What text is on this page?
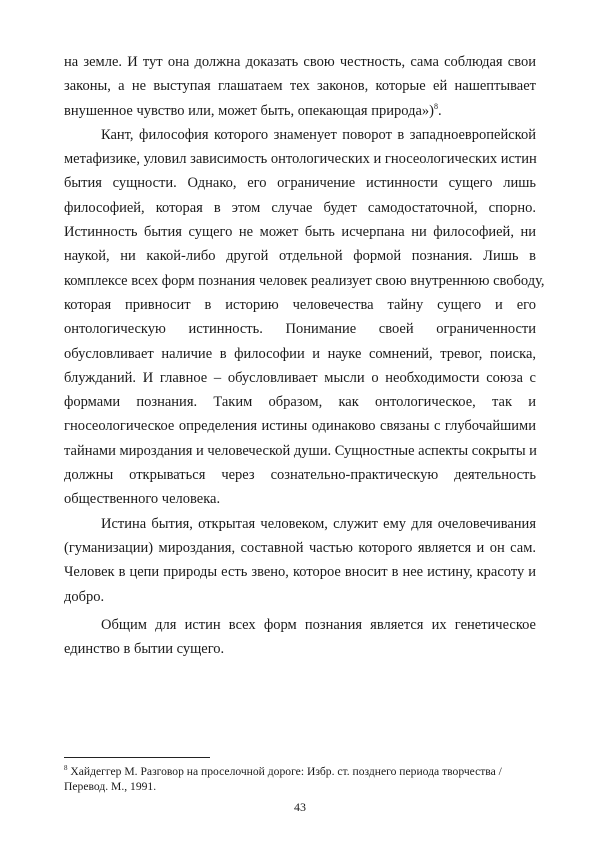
на земле. И тут она должна доказать свою честность, сама соблюдая свои
законы, а не выступая глашатаем тех законов, которые ей нашептывает
внушенное чувство или, может быть, опекающая природа»)$^8$.

Кант, философия которого знаменует поворот в западноевропейской
метафизике, уловил зависимость онтологических и гносеологических истин
бытия сущности. Однако, его ограничение истинности сущего лишь
философией, которая в этом случае будет самодостаточной, спорно.
Истинность бытия сущего не может быть исчерпана ни философией, ни
наукой, ни какой-либо другой отдельной формой познания. Лишь в
комплексе всех форм познания человек реализует свою внутреннюю свободу,
которая привносит в историю человечества тайну сущего и его
онтологическую истинность. Понимание своей ограниченности
обусловливает наличие в философии и науке сомнений, тревог, поиска,
блужданий. И главное – обусловливает мысли о необходимости союза с
формами познания. Таким образом, как онтологическое, так и
гносеологическое определения истины одинаково связаны с глубочайшими
тайнами мироздания и человеческой души. Сущностные аспекты сокрыты и
должны открываться через сознательно-практическую деятельность
общественного человека.

Истина бытия, открытая человеком, служит ему для очеловечивания
(гуманизации) мироздания, составной частью которого является и он сам.
Человек в цепи природы есть звено, которое вносит в нее истину, красоту и
добро.

Общим для истин всех форм познания является их генетическое
единство в бытии сущего.

$^8$ Хайдеггер М. Разговор на проселочной дороге: Избр. ст. позднего периода творчества / Перевод. М., 1991.
43
